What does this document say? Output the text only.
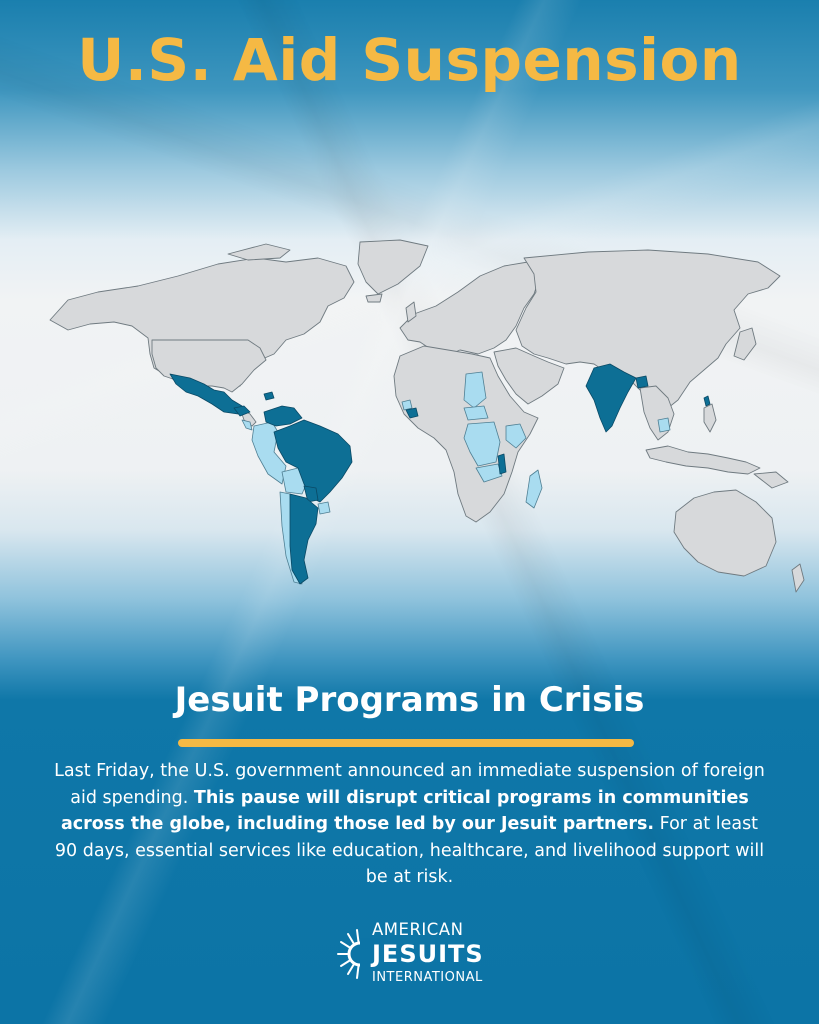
U.S. Aid Suspension
Jesuit Programs in Crisis

Last Friday, the U.S. government announced an immediate suspension of foreign aid spending. This pause will disrupt critical programs in communities across the globe, including those led by our Jesuit partners. For at least 90 days, essential services like education, healthcare, and livelihood support will be at risk.

AMERICAN
JESUITS
INTERNATIONAL
